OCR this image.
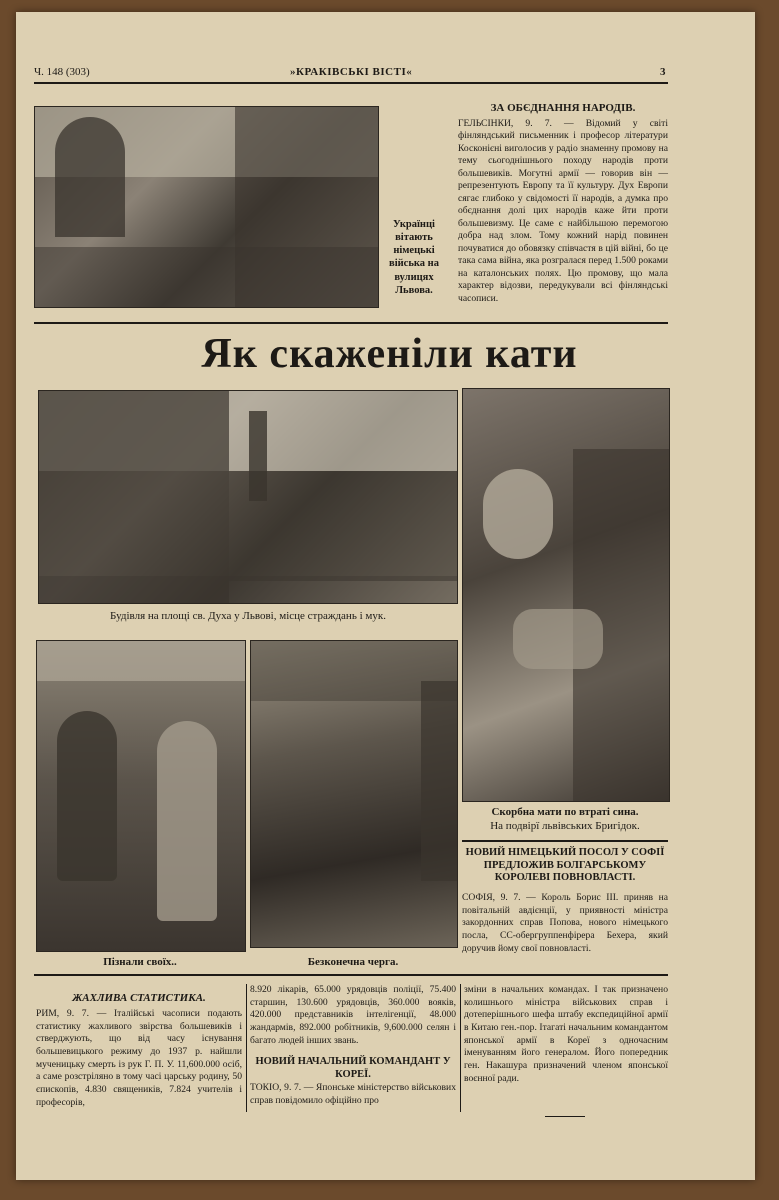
Ч. 148 (303)	»КРАКІВСЬКІ ВІСТІ«	3
Українці вітають німецькі війська на вулицях Львова.
ЗА ОБЄДНАННЯ НАРОДІВ.
ГЕЛЬСІНКИ, 9. 7. — Відомий у світі фінляндський письменник і професор літератури Косконієні виголосив у радіо знаменну промову на тему сьогоднішнього походу народів проти большевиків. Могутні армії — говорив він — репрезентують Европу та її культуру. Дух Европи сягає глибоко у свідомості її народів, а думка про обєднання долі цих народів каже йти проти большевизму. Це саме є найбільшою перемогою добра над злом. Тому кожний нарід повинен почуватися до обовязку співчастя в цій війні, бо це така сама війна, яка розгралася перед 1.500 роками на каталонських полях. Цю промову, що мала характер відозви, передукували всі фінляндські часописи.
Як скаженіли кати
Будівля на площі св. Духа у Львові, місце страждань і мук.
Скорбна мати по втраті сина.
На подвірї львівських Бригідок.
Пізнали своїх..	Безконечна черга.
НОВИЙ НІМЕЦЬКИЙ ПОСОЛ У СОФІЇ ПРЕДЛОЖИВ БОЛГАРСЬКОМУ КОРОЛЕВІ ПОВНОВЛАСТІ.
СОФІЯ, 9. 7. — Король Борис III. приняв на повітальній авдієнції, у приявності міністра закордонних справ Попова, нового німецького посла, СС-обергруппенфірера Бехера, який доручив йому свої повновласті.
ЖАХЛИВА СТАТИСТИКА.
РИМ, 9. 7. — Італійські часописи подають статистику жахливого звірства большевиків і стверджують, що від часу існування большевицького режиму до 1937 р. найшли мученицьку смерть із рук Г. П. У. 11,600.000 осіб, а саме розстріляно в тому часі царську родину, 50 єпископів, 4.830 священиків, 7.824 учителів і професорів,
8.920 лікарів, 65.000 урядовців поліції, 75.400 старшин, 130.600 урядовців, 360.000 вояків, 420.000 представників інтелігенції, 48.000 жандармів, 892.000 робітників, 9,600.000 селян і багато людей інших звань.
НОВИЙ НАЧАЛЬНИЙ КОМАНДАНТ У КОРЕЇ.
ТОКІО, 9. 7. — Японське міністерство військових справ повідомило офіційно про
зміни в начальних командах. І так призначено колишнього міністра військових справ і дотеперішнього шефа штабу експедиційної армії в Китаю ген.-пор. Ітагаті начальним командантом японської армії в Кореї з одночасним іменуванням його генералом. Його попередник ген. Накашура призначений членом японської воєнної ради.
